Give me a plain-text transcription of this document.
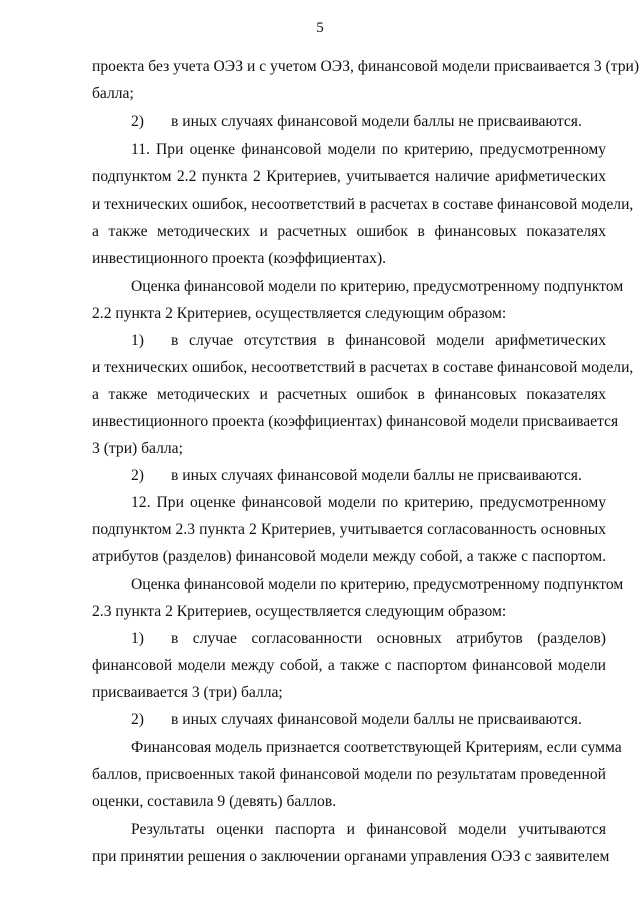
5
проекта без учета ОЭЗ и с учетом ОЭЗ, финансовой модели присваивается 3 (три)
балла;
2) в иных случаях финансовой модели баллы не присваиваются.
11. При оценке финансовой модели по критерию, предусмотренному
подпунктом 2.2 пункта 2 Критериев, учитывается наличие арифметических
и технических ошибок, несоответствий в расчетах в составе финансовой модели,
а также методических и расчетных ошибок в финансовых показателях
инвестиционного проекта (коэффициентах).
Оценка финансовой модели по критерию, предусмотренному подпунктом
2.2 пункта 2 Критериев, осуществляется следующим образом:
1) в случае отсутствия в финансовой модели арифметических
и технических ошибок, несоответствий в расчетах в составе финансовой модели,
а также методических и расчетных ошибок в финансовых показателях
инвестиционного проекта (коэффициентах) финансовой модели присваивается
3 (три) балла;
2) в иных случаях финансовой модели баллы не присваиваются.
12. При оценке финансовой модели по критерию, предусмотренному
подпунктом 2.3 пункта 2 Критериев, учитывается согласованность основных
атрибутов (разделов) финансовой модели между собой, а также с паспортом.
Оценка финансовой модели по критерию, предусмотренному подпунктом
2.3 пункта 2 Критериев, осуществляется следующим образом:
1) в случае согласованности основных атрибутов (разделов)
финансовой модели между собой, а также с паспортом финансовой модели
присваивается 3 (три) балла;
2) в иных случаях финансовой модели баллы не присваиваются.
Финансовая модель признается соответствующей Критериям, если сумма
баллов, присвоенных такой финансовой модели по результатам проведенной
оценки, составила 9 (девять) баллов.
Результаты оценки паспорта и финансовой модели учитываются
при принятии решения о заключении органами управления ОЭЗ с заявителем
